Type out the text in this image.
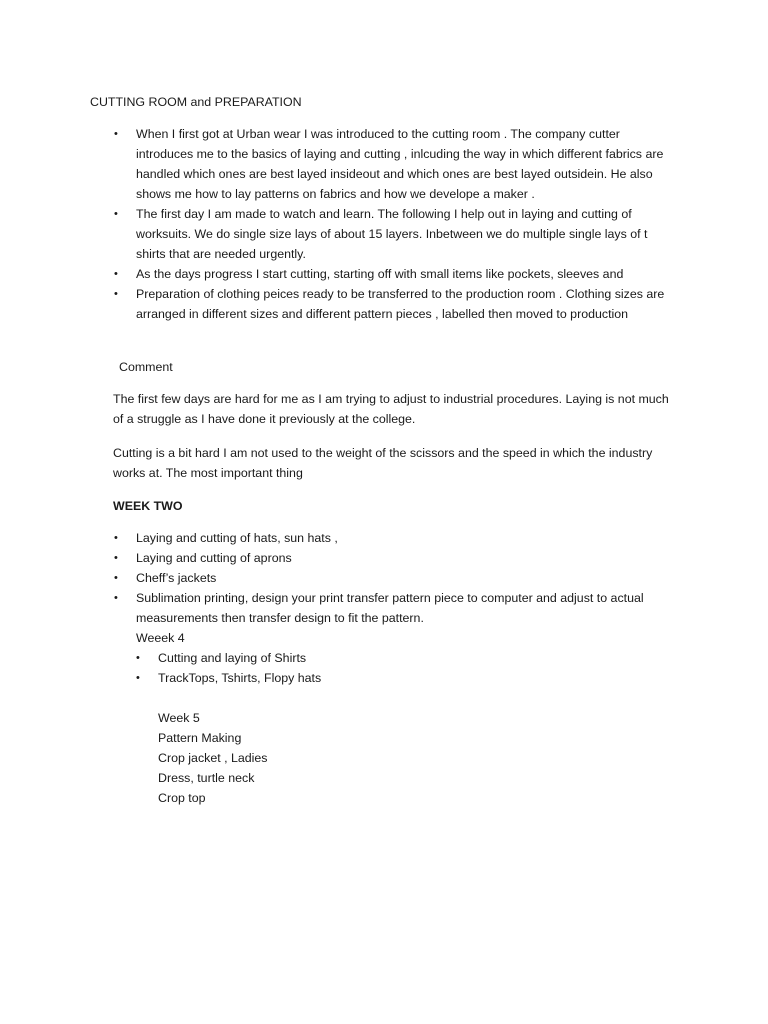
CUTTING ROOM and PREPARATION
• When I first got at Urban wear I was introduced to the cutting room . The company cutter introduces me to the basics of laying and cutting , inlcuding the way in which different fabrics are handled which ones are best layed insideout and which ones are best layed outsidein. He also shows me how to lay patterns on fabrics and how we develope a maker .
• The first day I am made to watch and learn. The following I help out in laying and cutting of worksuits. We do single size lays of about 15 layers. Inbetween we do multiple single lays of t shirts that are needed urgently.
• As the days progress I start cutting, starting off with small items like pockets, sleeves and
• Preparation of clothing peices ready to be transferred to the production room . Clothing sizes are arranged in different sizes and different pattern pieces , labelled then moved to production
Comment

The first few days are hard for me as I am trying to adjust to industrial procedures. Laying is not much of a struggle as I have done it previously at the college.

Cutting is a bit hard I am not used to the weight of the scissors and the speed in which the industry works at. The most important thing

WEEK TWO
• Laying and cutting of hats, sun hats ,
• Laying and cutting of aprons
• Cheff’s jackets
• Sublimation printing, design your print transfer pattern piece to computer and adjust to actual measurements then transfer design to fit the pattern.
Weeek 4
• Cutting and laying of Shirts
• TrackTops, Tshirts, Flopy hats
Week 5
Pattern Making
Crop jacket , Ladies
Dress, turtle neck
Crop top
